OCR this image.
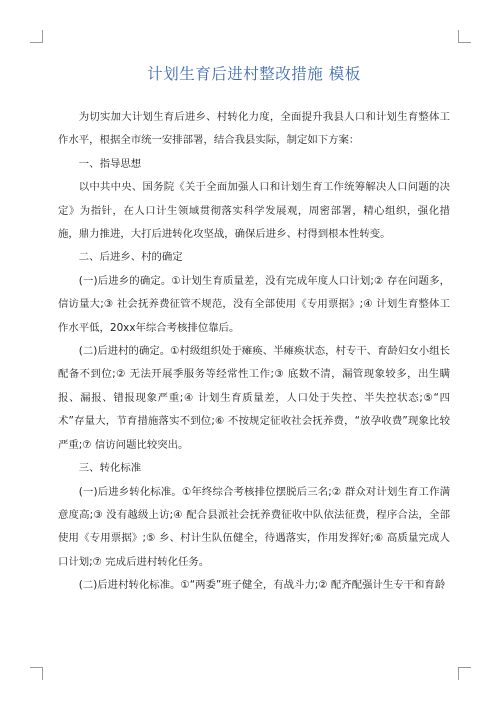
计划生育后进村整改措施 模板

为切实加大计划生育后进乡、村转化力度，全面提升我县人口和计划生育整体工作水平，根据全市统一安排部署，结合我县实际，制定如下方案：

一、指导思想

以中共中央、国务院《关于全面加强人口和计划生育工作统筹解决人口问题的决定》为指针，在人口计生领域贯彻落实科学发展观，周密部署，精心组织，强化措施，鼎力推进，大打后进转化攻坚战，确保后进乡、村得到根本性转变。

二、后进乡、村的确定

(一)后进乡的确定。①计划生育质量差，没有完成年度人口计划;② 存在问题多，信访量大;③ 社会抚养费征管不规范，没有全部使用《专用票据》;④ 计划生育整体工作水平低，20xx年综合考核排位靠后。

(二)后进村的确定。①村级组织处于瘫痪、半瘫痪状态，村专干、育龄妇女小组长配备不到位;② 无法开展季服务等经常性工作;③ 底数不清，漏管现象较多，出生瞒报、漏报、错报现象严重;④ 计划生育质量差，人口处于失控、半失控状态;⑤“四术”存量大，节育措施落实不到位;⑥ 不按规定征收社会抚养费，“放孕收费”现象比较严重;⑦ 信访问题比较突出。

三、转化标准

(一)后进乡转化标准。①年终综合考核排位摆脱后三名;② 群众对计划生育工作满意度高;③ 没有越级上访;④ 配合县派社会抚养费征收中队依法征费，程序合法，全部使用《专用票据》;⑤ 乡、村计生队伍健全，待遇落实，作用发挥好;⑥ 高质量完成人口计划;⑦ 完成后进村转化任务。

(二)后进村转化标准。①“两委”班子健全，有战斗力;② 配齐配强计生专干和育龄
